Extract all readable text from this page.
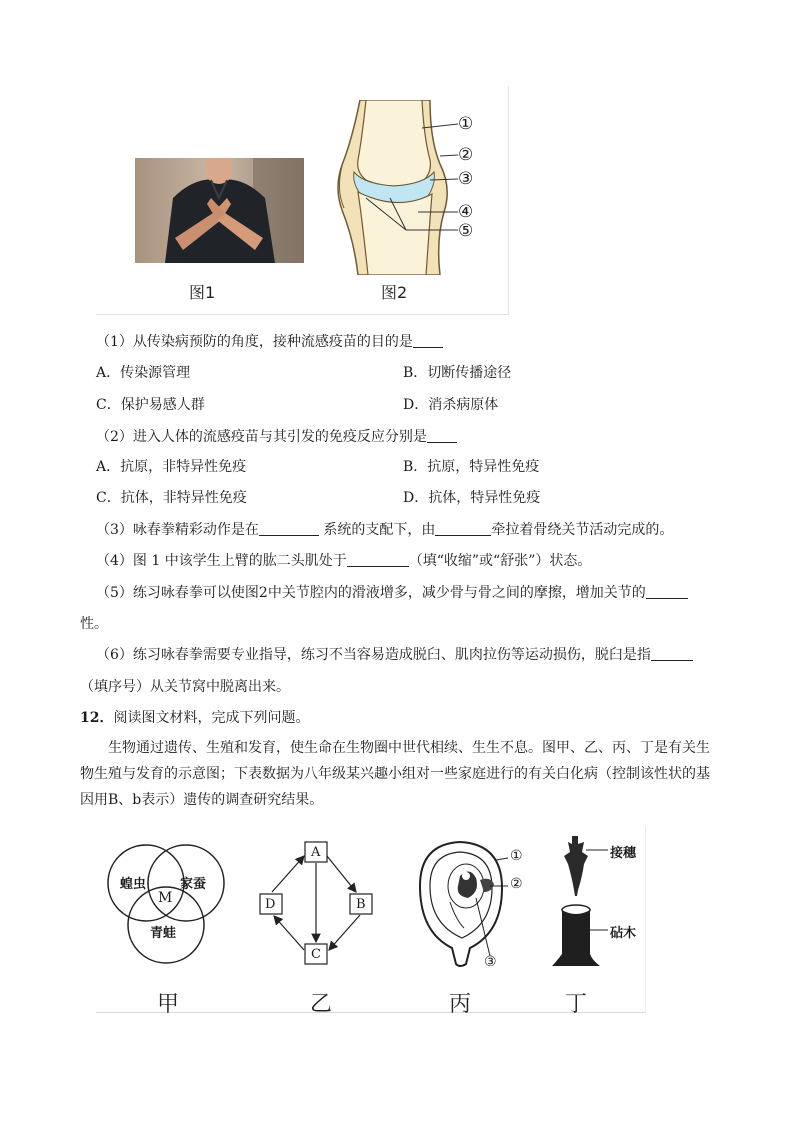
①
②
③
④
⑤
图1	图2
（1）从传染病预防的角度，接种流感疫苗的目的是
A．传染源管理	B．切断传播途径
C．保护易感人群	D．消杀病原体
（2）进入人体的流感疫苗与其引发的免疫反应分别是
A．抗原，非特异性免疫	B．抗原，特异性免疫
C．抗体，非特异性免疫	D．抗体，特异性免疫
（3）咏春拳精彩动作是在	系统的支配下，由	牵拉着骨绕关节活动完成的。
（4）图 1 中该学生上臂的肱二头肌处于	（填“收缩”或“舒张”）状态。
（5）练习咏春拳可以使图2中关节腔内的滑液增多，减少骨与骨之间的摩擦，增加关节的
性。
（6）练习咏春拳需要专业指导，练习不当容易造成脱臼、肌肉拉伤等运动损伤，脱臼是指
（填序号）从关节窝中脱离出来。
12．阅读图文材料，完成下列问题。
生物通过遗传、生殖和发育，使生命在生物圈中世代相续、生生不息。图甲、乙、丙、丁是有关生物生殖与发育的示意图；下表数据为八年级某兴趣小组对一些家庭进行的有关白化病（控制该性状的基因用B、b表示）遗传的调查研究结果。
蝗虫	家蚕
青蛙
M
A
D	B
C
①
②
③
接穗
砧木
甲	乙	丙	丁
